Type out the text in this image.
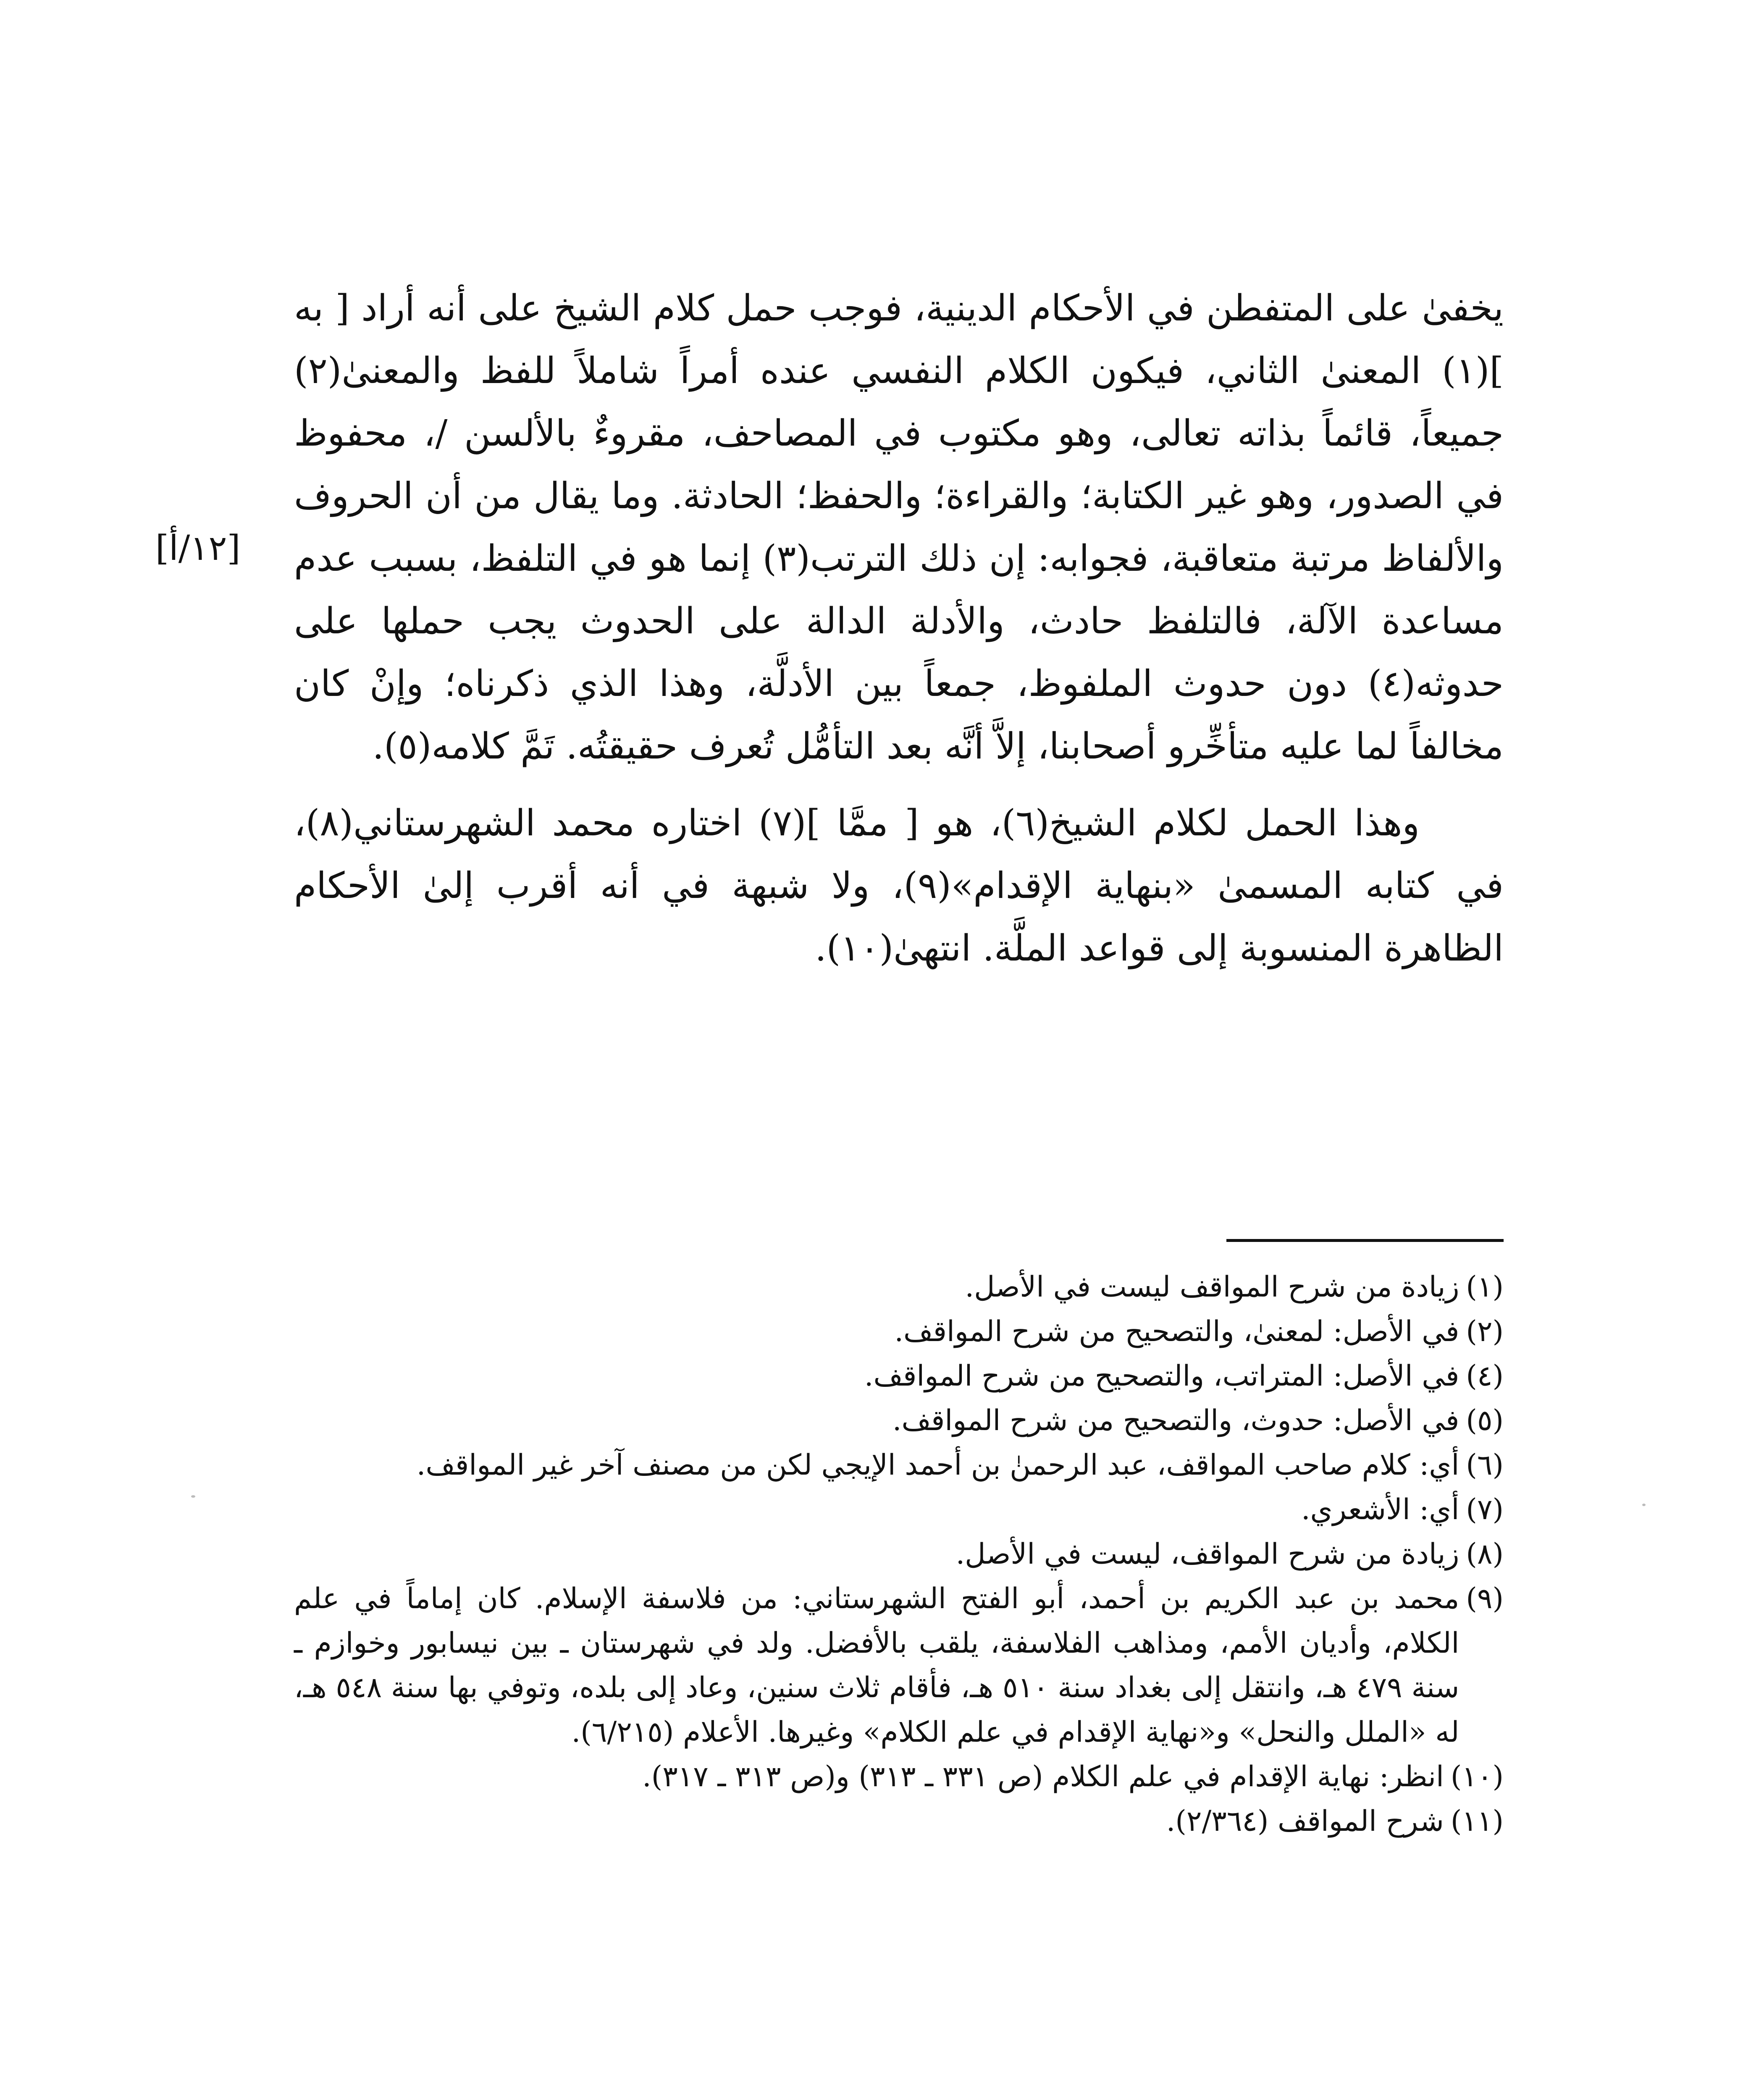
يخفىٰ على المتفطن في الأحكام الدينية، فوجب حمل كلام الشيخ على أنه أراد [ به ](١) المعنىٰ الثاني، فيكون الكلام النفسي عنده أمراً شاملاً للفظ والمعنىٰ(٢) جميعاً، قائماً بذاته تعالى، وهو مكتوب في المصاحف، مقروءٌ بالألسن /، محفوظ في الصدور، وهو غير الكتابة؛ والقراءة؛ والحفظ؛ الحادثة. وما يقال من أن الحروف والألفاظ مرتبة متعاقبة، فجوابه: إن ذلك الترتب(٣) إنما هو في التلفظ، بسبب عدم مساعدة الآلة، فالتلفظ حادث، والأدلة الدالة على الحدوث يجب حملها على حدوثه(٤) دون حدوث الملفوظ، جمعاً بين الأدلَّة، وهذا الذي ذكرناه؛ وإنْ كان مخالفاً لما عليه متأخِّرو أصحابنا، إلاَّ أنَّه بعد التأمُّل تُعرف حقيقتُه. تَمَّ كلامه(٥).

وهذا الحمل لكلام الشيخ(٦)، هو [ ممَّا ](٧) اختاره محمد الشهرستاني(٨)، في كتابه المسمىٰ «بنهاية الإقدام»(٩)، ولا شبهة في أنه أقرب إلىٰ الأحكام الظاهرة المنسوبة إلى قواعد الملَّة. انتهىٰ(١٠).

[١٢/أ]
(١)
زيادة من شرح المواقف ليست في الأصل.
(٢)
في الأصل: لمعنىٰ، والتصحيح من شرح المواقف.
(٤)
في الأصل: المتراتب، والتصحيح من شرح المواقف.
(٥)
في الأصل: حدوث، والتصحيح من شرح المواقف.
(٦)
أي: كلام صاحب المواقف، عبد الرحمنٰ بن أحمد الإيجي لكن من مصنف آخر غير المواقف.
(٧)
أي: الأشعري.
(٨)
زيادة من شرح المواقف، ليست في الأصل.
(٩)
محمد بن عبد الكريم بن أحمد، أبو الفتح الشهرستاني: من فلاسفة الإسلام. كان إماماً في علم الكلام، وأديان الأمم، ومذاهب الفلاسفة، يلقب بالأفضل. ولد في شهرستان ـ بين نيسابور وخوازم ـ سنة ٤٧٩ هـ، وانتقل إلى بغداد سنة ٥١٠ هـ، فأقام ثلاث سنين، وعاد إلى بلده، وتوفي بها سنة ٥٤٨ هـ، له «الملل والنحل» و«نهاية الإقدام في علم الكلام» وغيرها. الأعلام (٦/٢١٥).
(١٠)
انظر: نهاية الإقدام في علم الكلام (ص ٣٣١ ـ ٣١٣) و(ص ٣١٣ ـ ٣١٧).
(١١)
شرح المواقف (٢/٣٦٤).
